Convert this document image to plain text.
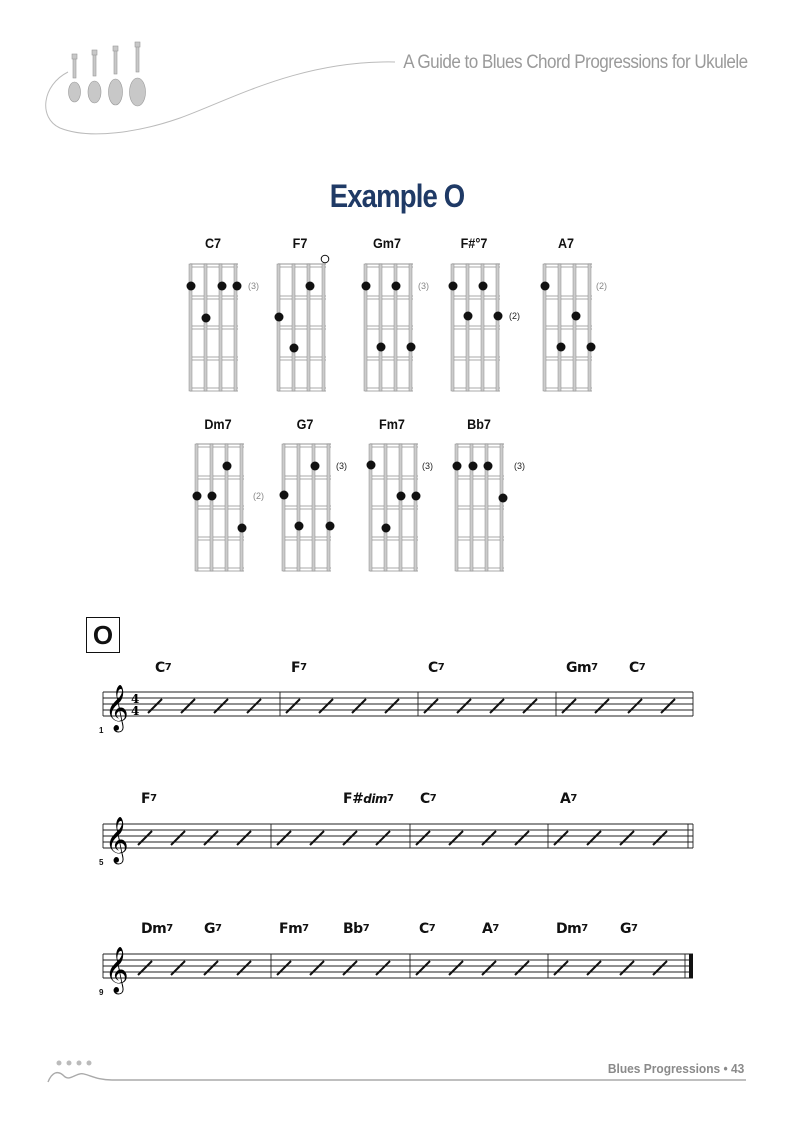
A Guide to Blues Chord Progressions for Ukulele
Example O
C7	F7	Gm7	F#°7	A7
Dm7	G7	Fm7	Bb7
(3)	(3)
(2)
(2)
(2)
(3)	(3)	(3)
O
𝄞 4
4
𝄞
𝄞
1
5
9
$C^7$	$F^7$	$C^7$	Gm$^7$ $C^7$
$F^7$	F#dim$^7$ $C^7$	$A^7$
Dm$^7$ $G^7$	Fm$^7$ Bb$^7$	$C^7$	$A^7$	Dm$^7$ $G^7$
Blues Progressions • 43
